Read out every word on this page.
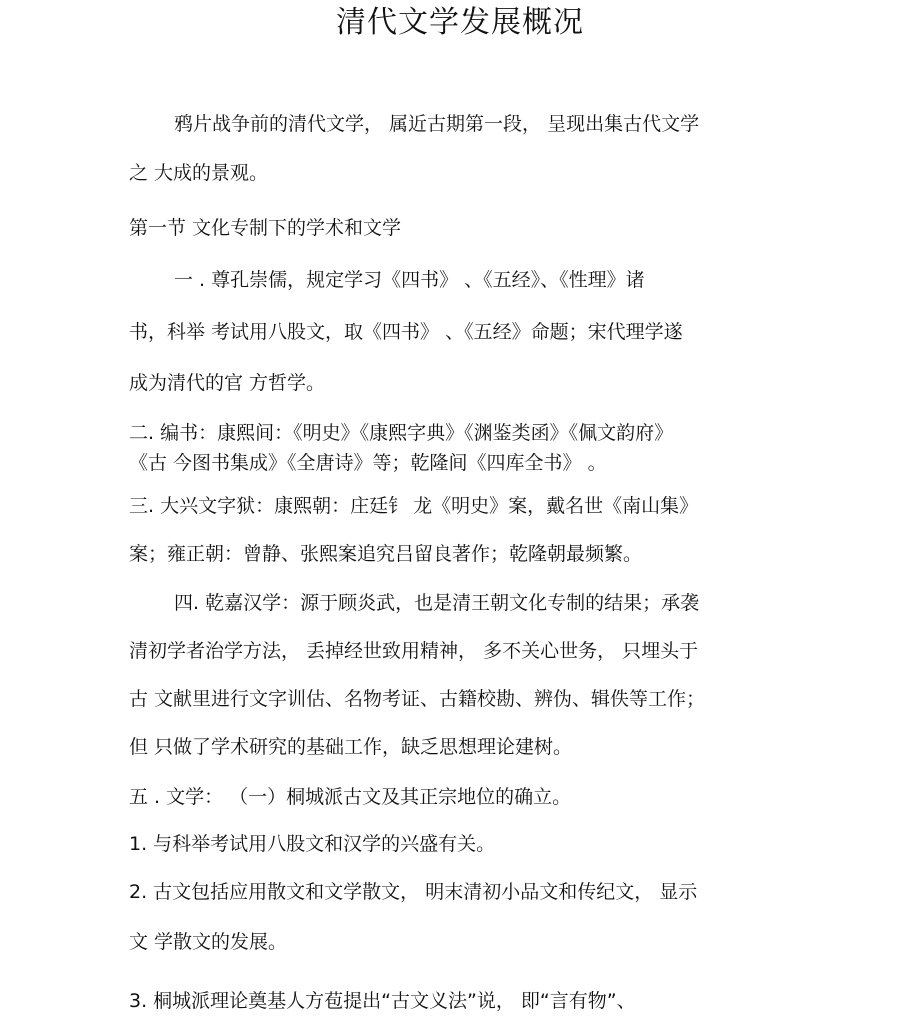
清代文学发展概况
鸦片战争前的清代文学， 属近古期第一段， 呈现出集古代文学
之 大成的景观。
第一节 文化专制下的学术和文学
一 . 尊孔崇儒，规定学习《四书》 、《五经》、《性理》诸
书，科举 考试用八股文，取《四书》 、《五经》命题；宋代理学遂
成为清代的官 方哲学。
二. 编书：康熙间：《明史》《康熙字典》《渊鉴类函》《佩文韵府》
《古 今图书集成》《全唐诗》等；乾隆间《四库全书》 。
三. 大兴文字狱：康熙朝：庄廷钅 龙《明史》案，戴名世《南山集》
案；雍正朝：曾静、张熙案追究吕留良著作；乾隆朝最频繁。
四. 乾嘉汉学：源于顾炎武，也是清王朝文化专制的结果；承袭
清初学者治学方法， 丢掉经世致用精神， 多不关心世务， 只埋头于
古 文献里进行文字训估、名物考证、古籍校勘、辨伪、辑佚等工作；
但 只做了学术研究的基础工作，缺乏思想理论建树。
五 . 文学： （一）桐城派古文及其正宗地位的确立。
1. 与科举考试用八股文和汉学的兴盛有关。
2. 古文包括应用散文和文学散文， 明末清初小品文和传纪文， 显示
文 学散文的发展。
3. 桐城派理论奠基人方苞提出“古文义法”说， 即“言有物”、
